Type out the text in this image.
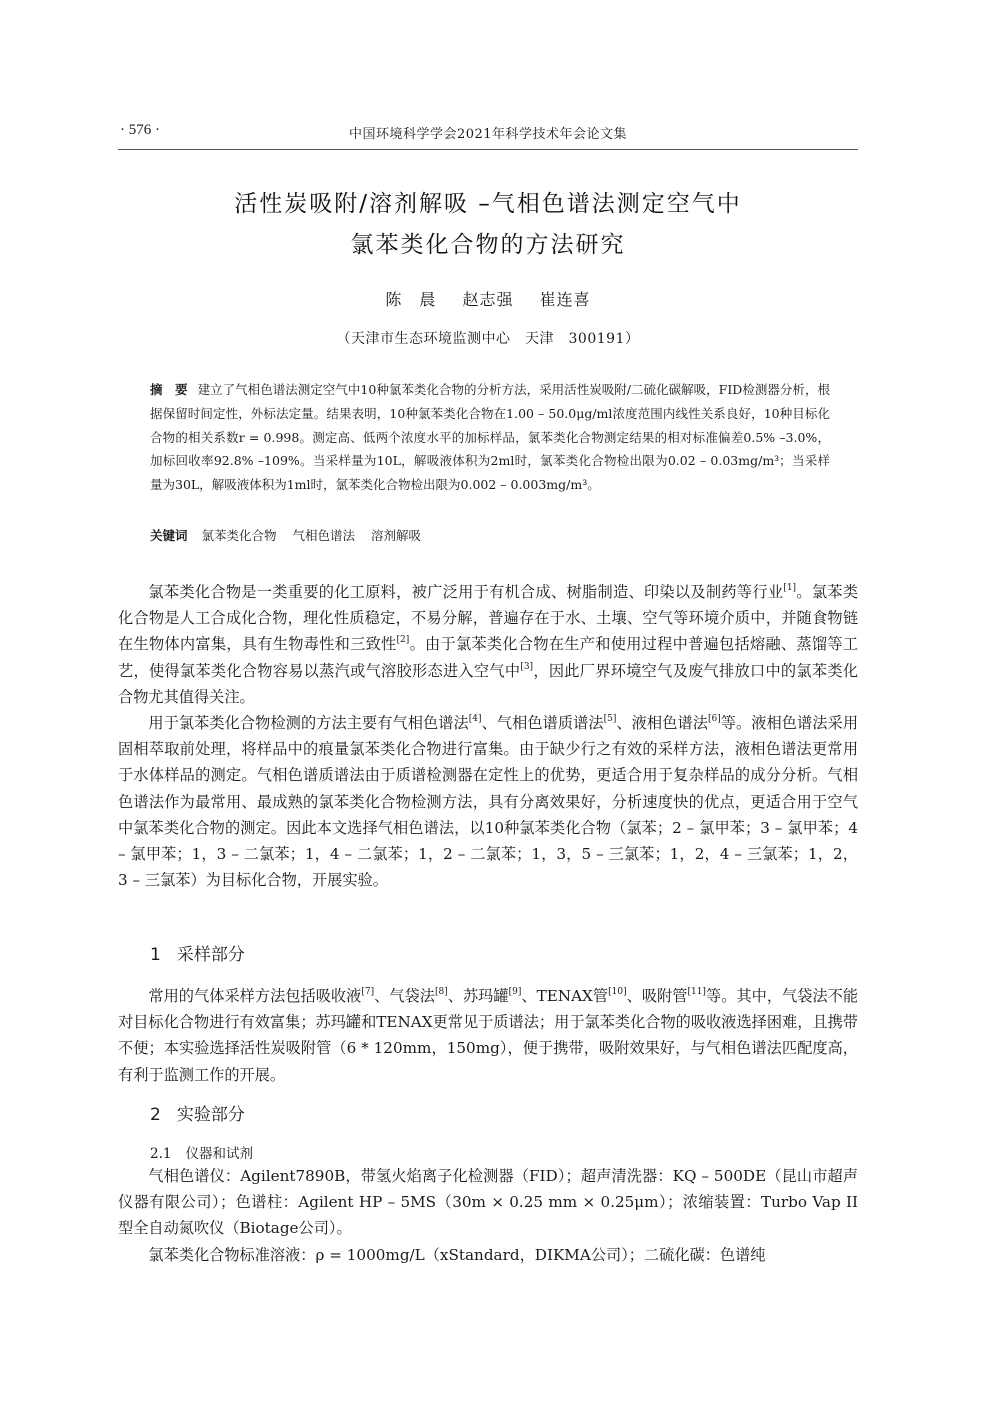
· 576 ·	中国环境科学学会2021年科学技术年会论文集
活性炭吸附/溶剂解吸 –气相色谱法测定空气中
氯苯类化合物的方法研究
陈　晨 赵志强 崔连喜
（天津市生态环境监测中心　天津　300191）
摘　要 建立了气相色谱法测定空气中10种氯苯类化合物的分析方法，采用活性炭吸附/二硫化碳解吸，FID检测器分析，根据保留时间定性，外标法定量。结果表明，10种氯苯类化合物在1.00 – 50.0μg/ml浓度范围内线性关系良好，10种目标化合物的相关系数r = 0.998。测定高、低两个浓度水平的加标样品，氯苯类化合物测定结果的相对标准偏差0.5% –3.0%，加标回收率92.8% –109%。当采样量为10L，解吸液体积为2ml时，氯苯类化合物检出限为0.02 – 0.03mg/m³；当采样量为30L，解吸液体积为1ml时，氯苯类化合物检出限为0.002 – 0.003mg/m³。
关键词 氯苯类化合物 气相色谱法 溶剂解吸

氯苯类化合物是一类重要的化工原料，被广泛用于有机合成、树脂制造、印染以及制药等行业[1]。氯苯类化合物是人工合成化合物，理化性质稳定，不易分解，普遍存在于水、土壤、空气等环境介质中，并随食物链在生物体内富集，具有生物毒性和三致性[2]。由于氯苯类化合物在生产和使用过程中普遍包括熔融、蒸馏等工艺，使得氯苯类化合物容易以蒸汽或气溶胶形态进入空气中[3]，因此厂界环境空气及废气排放口中的氯苯类化合物尤其值得关注。

用于氯苯类化合物检测的方法主要有气相色谱法[4]、气相色谱质谱法[5]、液相色谱法[6]等。液相色谱法采用固相萃取前处理，将样品中的痕量氯苯类化合物进行富集。由于缺少行之有效的采样方法，液相色谱法更常用于水体样品的测定。气相色谱质谱法由于质谱检测器在定性上的优势，更适合用于复杂样品的成分分析。气相色谱法作为最常用、最成熟的氯苯类化合物检测方法，具有分离效果好，分析速度快的优点，更适合用于空气中氯苯类化合物的测定。因此本文选择气相色谱法，以10种氯苯类化合物（氯苯；2 – 氯甲苯；3 – 氯甲苯；4 – 氯甲苯；1，3 – 二氯苯；1，4 – 二氯苯；1，2 – 二氯苯；1，3，5 – 三氯苯；1，2，4 – 三氯苯；1，2，3 – 三氯苯）为目标化合物，开展实验。

1 采样部分

常用的气体采样方法包括吸收液[7]、气袋法[8]、苏玛罐[9]、TENAX管[10]、吸附管[11]等。其中，气袋法不能对目标化合物进行有效富集；苏玛罐和TENAX更常见于质谱法；用于氯苯类化合物的吸收液选择困难，且携带不便；本实验选择活性炭吸附管（6 * 120mm，150mg），便于携带，吸附效果好，与气相色谱法匹配度高，有利于监测工作的开展。

2 实验部分
2.1 仪器和试剂

气相色谱仪：Agilent7890B，带氢火焰离子化检测器（FID）；超声清洗器：KQ – 500DE（昆山市超声仪器有限公司）；色谱柱：Agilent HP – 5MS（30m × 0.25 mm × 0.25μm）；浓缩装置：Turbo Vap II型全自动氮吹仪（Biotage公司）。

氯苯类化合物标准溶液：ρ = 1000mg/L（xStandard，DIKMA公司）；二硫化碳：色谱纯
